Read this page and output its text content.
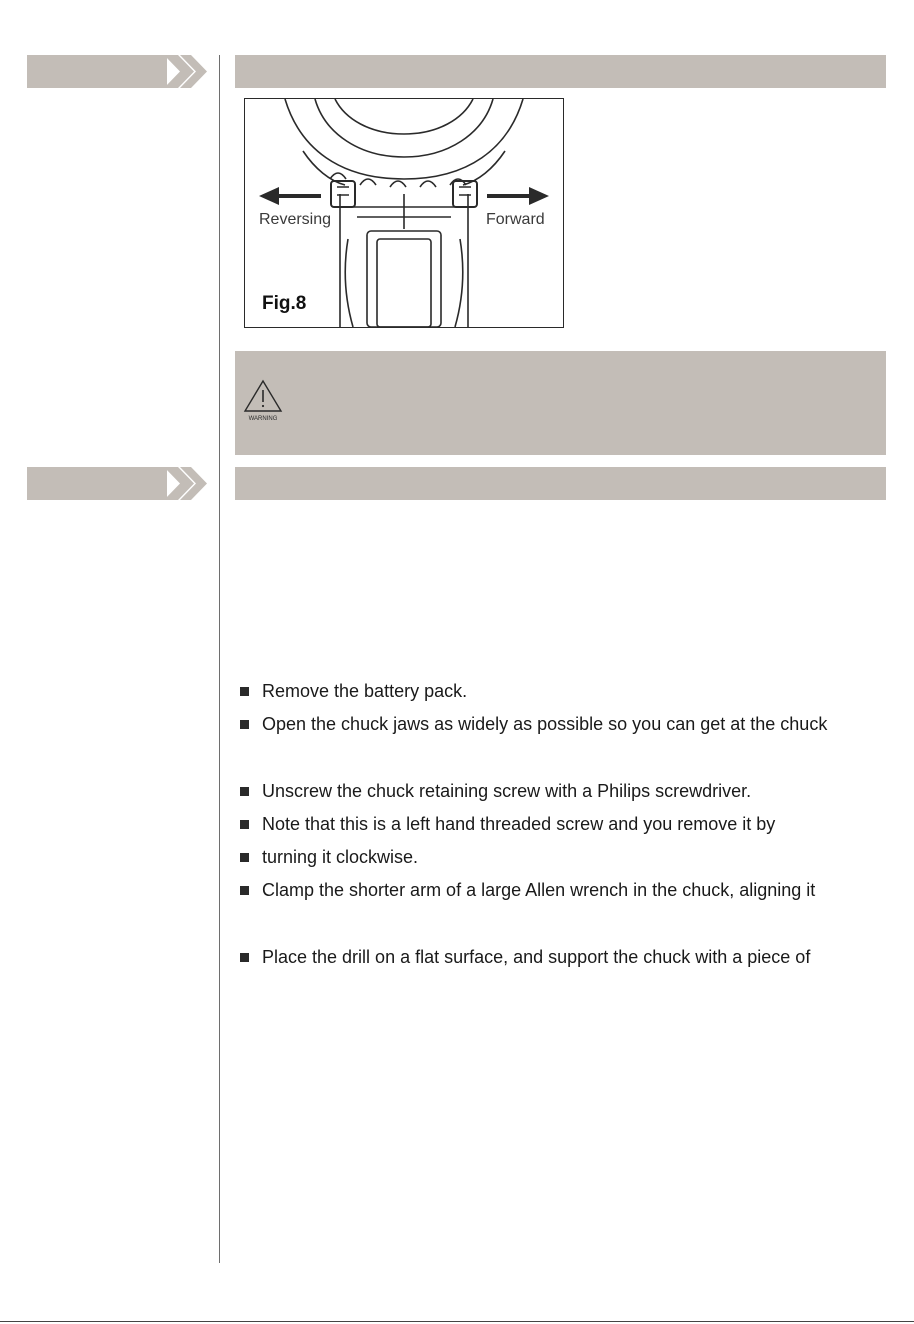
Reversing	Forward
Fig.8
WARNING
Remove the battery pack.
Open the chuck jaws as widely as possible so you can get at the chuck
Unscrew the chuck retaining screw with a Philips screwdriver.
Note that this is a left hand threaded screw and you remove it by
turning it clockwise.
Clamp the shorter arm of a large Allen wrench in the chuck, aligning it
Place the drill on a flat surface, and support the chuck with a piece of
